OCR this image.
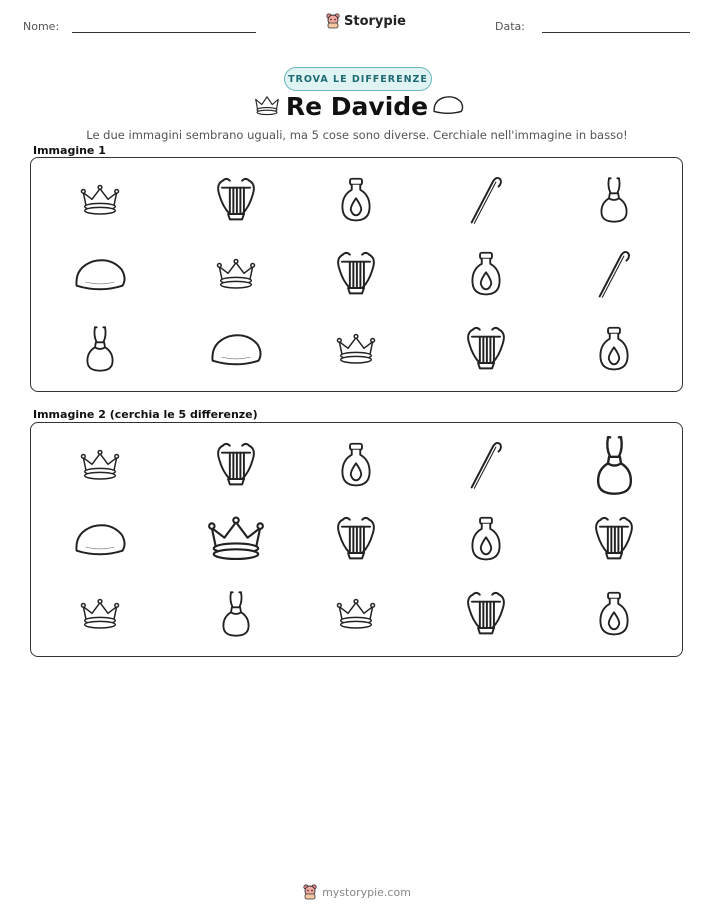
Nome:	Storypie	Data:
TROVA LE DIFFERENZE
Re Davide
Le due immagini sembrano uguali, ma 5 cose sono diverse. Cerchiale nell'immagine in basso!
Immagine 1
Immagine 2 (cerchia le 5 differenze)
mystorypie.com
